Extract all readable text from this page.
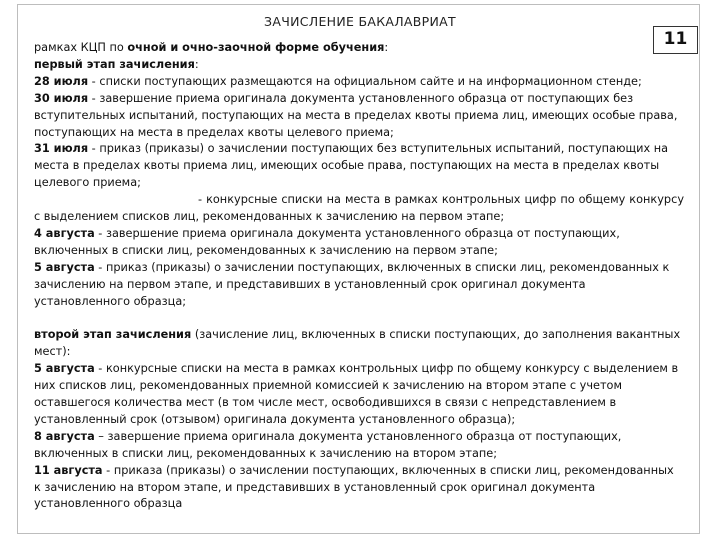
ЗАЧИСЛЕНИЕ БАКАЛАВРИАТ
11

рамках КЦП по очной и очно-заочной форме обучения:

первый этап зачисления:

28 июля - списки поступающих размещаются на официальном сайте и на информационном стенде;

30 июля - завершение приема оригинала документа установленного образца от поступающих без вступительных испытаний, поступающих на места в пределах квоты приема лиц, имеющих особые права, поступающих на места в пределах квоты целевого приема;

31 июля - приказ (приказы) о зачислении поступающих без вступительных испытаний, поступающих на места в пределах квоты приема лиц, имеющих особые права, поступающих на места в пределах квоты целевого приема;

- конкурсные списки на места в рамках контрольных цифр по общему конкурсу с выделением списков лиц, рекомендованных к зачислению на первом этапе;

4 августа - завершение приема оригинала документа установленного образца от поступающих, включенных в списки лиц, рекомендованных к зачислению на первом этапе;

5 августа - приказ (приказы) о зачислении поступающих, включенных в списки лиц, рекомендованных к зачислению на первом этапе, и представивших в установленный срок оригинал документа установленного образца;

второй этап зачисления (зачисление лиц, включенных в списки поступающих, до заполнения вакантных мест):

5 августа - конкурсные списки на места в рамках контрольных цифр по общему конкурсу с выделением в них списков лиц, рекомендованных приемной комиссией к зачислению на втором этапе с учетом оставшегося количества мест (в том числе мест, освободившихся в связи с непредставлением в установленный срок (отзывом) оригинала документа установленного образца);

8 августа – завершение приема оригинала документа установленного образца от поступающих, включенных в списки лиц, рекомендованных к зачислению на втором этапе;

11 августа - приказа (приказы) о зачислении поступающих, включенных в списки лиц, рекомендованных к зачислению на втором этапе, и представивших в установленный срок оригинал документа установленного образца
